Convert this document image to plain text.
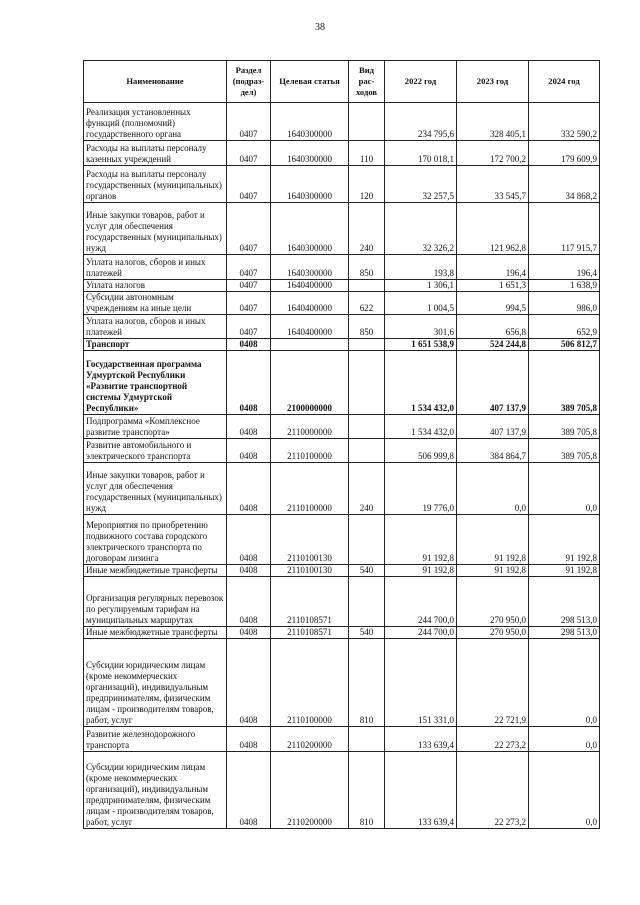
38
Наименование	Раздел (подраз-дел)	Целевая статья	Вид рас-ходов	2022 год	2023 год	2024 год

Реализация установленных функций (полномочий) государственного органа	0407	1640300000		234 795,6	328 405,1	332 590,2

Расходы на выплаты персоналу казенных учреждений	0407	1640300000	110	170 018,1	172 700,2	179 609,9

Расходы на выплаты персоналу государственных (муниципальных) органов	0407	1640300000	120	32 257,5	33 545,7	34 868,2

Иные закупки товаров, работ и услуг для обеспечения государственных (муниципальных) нужд	0407	1640300000	240	32 326,2	121 962,8	117 915,7

Уплата налогов, сборов и иных платежей	0407	1640300000	850	193,8	196,4	196,4

Уплата налогов	0407	1640400000		1 306,1	1 651,3	1 638,9

Субсидии автономным учреждениям на иные цели	0407	1640400000	622	1 004,5	994,5	986,0

Уплата налогов, сборов и иных платежей	0407	1640400000	850	301,6	656,8	652,9

Транспорт	0408			1 651 538,9	524 244,8	506 812,7

Государственная программа Удмуртской Республики «Развитие транспортной системы Удмуртской Республики»	0408	2100000000		1 534 432,0	407 137,9	389 705,8

Подпрограмма «Комплексное развитие транспорта»	0408	2110000000		1 534 432,0	407 137,9	389 705,8

Развитие автомобильного и электрического транспорта	0408	2110100000		506 999,8	384 864,7	389 705,8

Иные закупки товаров, работ и услуг для обеспечения государственных (муниципальных) нужд	0408	2110100000	240	19 776,0	0,0	0,0

Мероприятия по приобретению подвижного состава городского электрического транспорта по договорам лизинга	0408	2110100130		91 192,8	91 192,8	91 192,8

Иные межбюджетные трансферты	0408	2110100130	540	91 192,8	91 192,8	91 192,8

Организация регулярных перевозок по регулируемым тарифам на муниципальных маршрутах	0408	2110108571		244 700,0	270 950,0	298 513,0

Иные межбюджетные трансферты	0408	2110108571	540	244 700,0	270 950,0	298 513,0

Субсидии юридическим лицам (кроме некоммерческих организаций), индивидуальным предпринимателям, физическим лицам - производителям товаров, работ, услуг	0408	2110100000	810	151 331,0	22 721,9	0,0

Развитие железнодорожного транспорта	0408	2110200000		133 639,4	22 273,2	0,0

Субсидии юридическим лицам (кроме некоммерческих организаций), индивидуальным предпринимателям, физическим лицам - производителям товаров, работ, услуг	0408	2110200000	810	133 639,4	22 273,2	0,0
